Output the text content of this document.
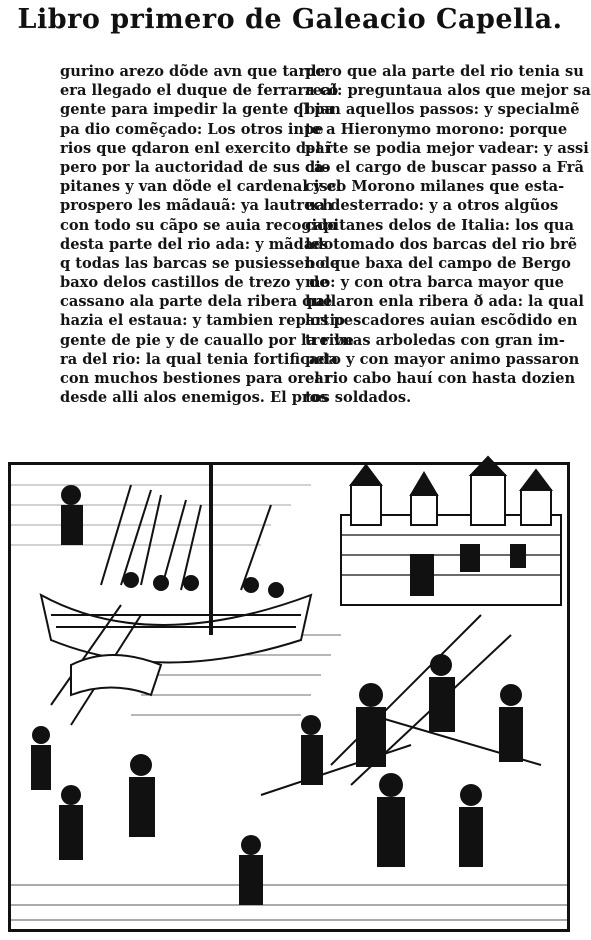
Libro primero de Galeacio Capella.
gurino arezo dõde avn que tarde
era llegado el duque de ferrara cõ
gente para impedir la gente ʠl pa
pa dio comẽçado: Los otros inpe
rios que qdaron enl exercito del ĩ
pero por la auctoridad de sus ca-
pitanes y van dõde el cardenal y el
prospero les mãdauã: ya lautrech
con todo su cãpo se auia recogido
desta parte del rio ada: y mãdado
q todas las barcas se pusiessen de
baxo delos castillos de trezo y de
cassano ala parte dela ribera que
hazia el estaua: y tambien repartio
gente de pie y de cauallo por la ribe
ra del rio: la qual tenia fortificada
con muchos bestiones para orear
desde alli alos enemigos. El pros
pero que ala parte del rio tenia su
real: preguntaua alos que mejor sa
bian aquellos passos: y specialmẽ
te a Hieronymo morono: porque
parte se podia mejor vadear: y assi
dio el cargo de buscar passo a Frã
cisco Morono milanes que esta-
ua desterrado: y a otros algũos
capitanes delos de Italia: los qua
les tomado dos barcas del rio brẽ
bo que baxa del campo de Bergo
mo: y con otra barca mayor que
hallaron enla ribera ð ada: la qual
los pescadores auian escõdido en
tre vnas arboledas con gran im-
peto y con mayor animo passaron
el rio cabo hauí con hasta dozien
tos soldados.
